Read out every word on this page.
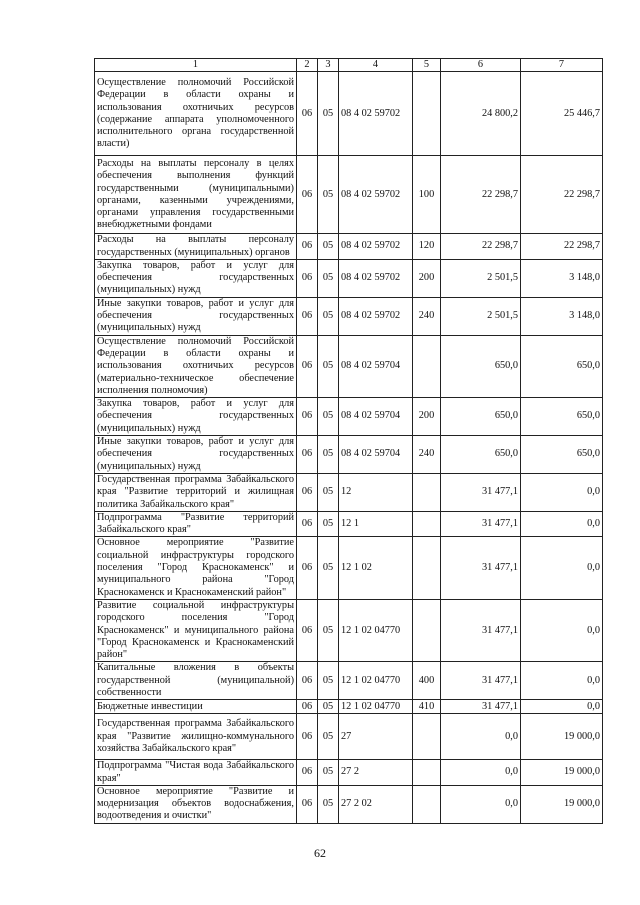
1	2	3	4	5	6	7
Осуществление полномочий Российской Федерации в области охраны и использования охотничьих ресурсов (содержание аппарата уполномоченного исполнительного органа государственной власти)	06	05	08 4 02 59702		24 800,2	25 446,7
Расходы на выплаты персоналу в целях обеспечения выполнения функций государственными (муниципальными) органами, казенными учреждениями, органами управления государственными внебюджетными фондами	06	05	08 4 02 59702	100	22 298,7	22 298,7
Расходы на выплаты персоналу государственных (муниципальных) органов	06	05	08 4 02 59702	120	22 298,7	22 298,7
Закупка товаров, работ и услуг для обеспечения государственных (муниципальных) нужд	06	05	08 4 02 59702	200	2 501,5	3 148,0
Иные закупки товаров, работ и услуг для обеспечения государственных (муниципальных) нужд	06	05	08 4 02 59702	240	2 501,5	3 148,0
Осуществление полномочий Российской Федерации в области охраны и использования охотничьих ресурсов (материально-техническое обеспечение исполнения полномочия)	06	05	08 4 02 59704		650,0	650,0
Закупка товаров, работ и услуг для обеспечения государственных (муниципальных) нужд	06	05	08 4 02 59704	200	650,0	650,0
Иные закупки товаров, работ и услуг для обеспечения государственных (муниципальных) нужд	06	05	08 4 02 59704	240	650,0	650,0
Государственная программа Забайкальского края "Развитие территорий и жилищная политика Забайкальского края"	06	05	12		31 477,1	0,0
Подпрограмма "Развитие территорий Забайкальского края"	06	05	12 1		31 477,1	0,0
Основное мероприятие "Развитие социальной инфраструктуры городского поселения "Город Краснокаменск" и муниципального района "Город Краснокаменск и Краснокаменский район"	06	05	12 1 02		31 477,1	0,0
Развитие социальной инфраструктуры городского поселения "Город Краснокаменск" и муниципального района "Город Краснокаменск и Краснокаменский район"	06	05	12 1 02 04770		31 477,1	0,0
Капитальные вложения в объекты государственной (муниципальной) собственности	06	05	12 1 02 04770	400	31 477,1	0,0
Бюджетные инвестиции	06	05	12 1 02 04770	410	31 477,1	0,0
Государственная программа Забайкальского края "Развитие жилищно-коммунального хозяйства Забайкальского края"	06	05	27		0,0	19 000,0
Подпрограмма "Чистая вода Забайкальского края"	06	05	27 2		0,0	19 000,0
Основное мероприятие "Развитие и модернизация объектов водоснабжения, водоотведения и очистки"	06	05	27 2 02		0,0	19 000,0
62
